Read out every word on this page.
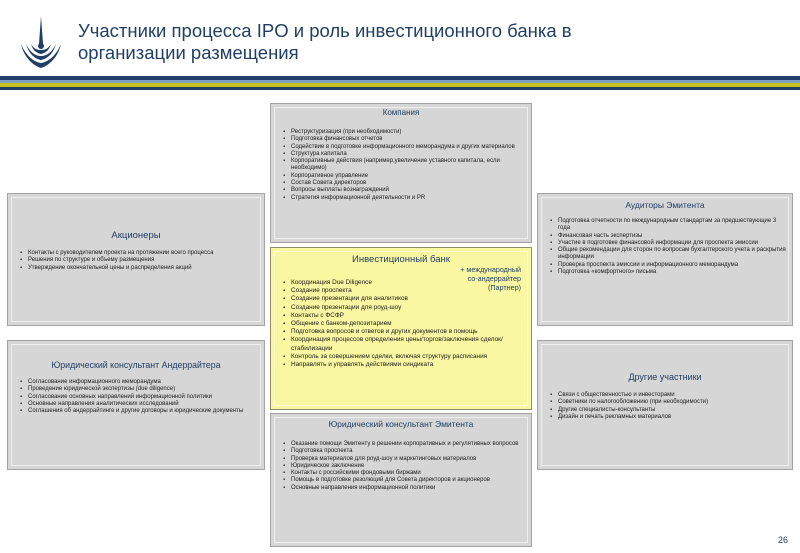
Участники процесса IPO и роль инвестиционного банка в
организации размещения
Компания
▪ Реструктуризация (при необходимости)
▪ Подготовка финансовых отчетов
▪ Содействие в подготовке информационного меморандума и других материалов
▪ Структура капитала
▪ Корпоративные действия (например,увеличение уставного капитала, если необходимо)
▪ Корпоративное управление
▪ Состав Совета директоров
▪ Вопросы выплаты вознаграждений
▪ Стратегия информационной деятельности и PR
Акционеры
▪ Контакты с руководителем проекта на протяжении всего процесса
▪ Решения по структуре и объему размещения
▪ Утверждение окончательной цены и распределения акций
Инвестиционный банк
+ международный
со-андеррайтер
(Партнер)
▪ Координация Due Diligence
▪ Создание проспекта
▪ Создание презентации для аналитиков
▪ Создание презентации для роуд-шоу
▪ Контакты с ФСФР
▪ Общение с банком-депозитарием
▪ Подготовка вопросов и ответов и других документов в помощь
▪ Координация процессов определения цены/торгов/заключения сделок/стабилизации
▪ Контроль за совершением сделки, включая структуру расписания
▪ Направлять и управлять действиями синдиката
Аудиторы Эмитента
▪ Подготовка отчетности по международным стандартам за предшествующие 3 года
▪ Финансовая часть экспертизы
▪ Участие в подготовке финансовой информации для проспекта эмиссии
▪ Общие рекомендации для сторон по вопросам бухгалтерского учета и раскрытия информации
▪ Проверка проспекта эмиссии и информационного меморандума
▪ Подготовка «комфортного» письма
Юридический консультант Андеррайтера
▪ Согласование информационного меморандума
▪ Проведение юридической экспертизы (due diligence)
▪ Согласование основных направлений информационной политики
▪ Основные направления аналитических исследований
▪ Соглашения об андеррайтинге и другие договоры и юридические документы
Другие участники
▪ Связи с общественностью и инвесторами
▪ Советники по налогообложению (при необходимости)
▪ Другие специалисты-консультанты
▪ Дизайн и печать рекламных материалов
Юридический консультант Эмитента
▪ Оказание помощи Эмитенту в решении корпоративных и регулятивных вопросов
▪ Подготовка проспекта
▪ Проверка материалов для роуд-шоу и маркетинговых материалов
▪ Юридическое заключение
▪ Контакты с российскими фондовыми биржами
▪ Помощь в подготовке резолюций для Совета директоров и акционеров
▪ Основные направления информационной политики
26
